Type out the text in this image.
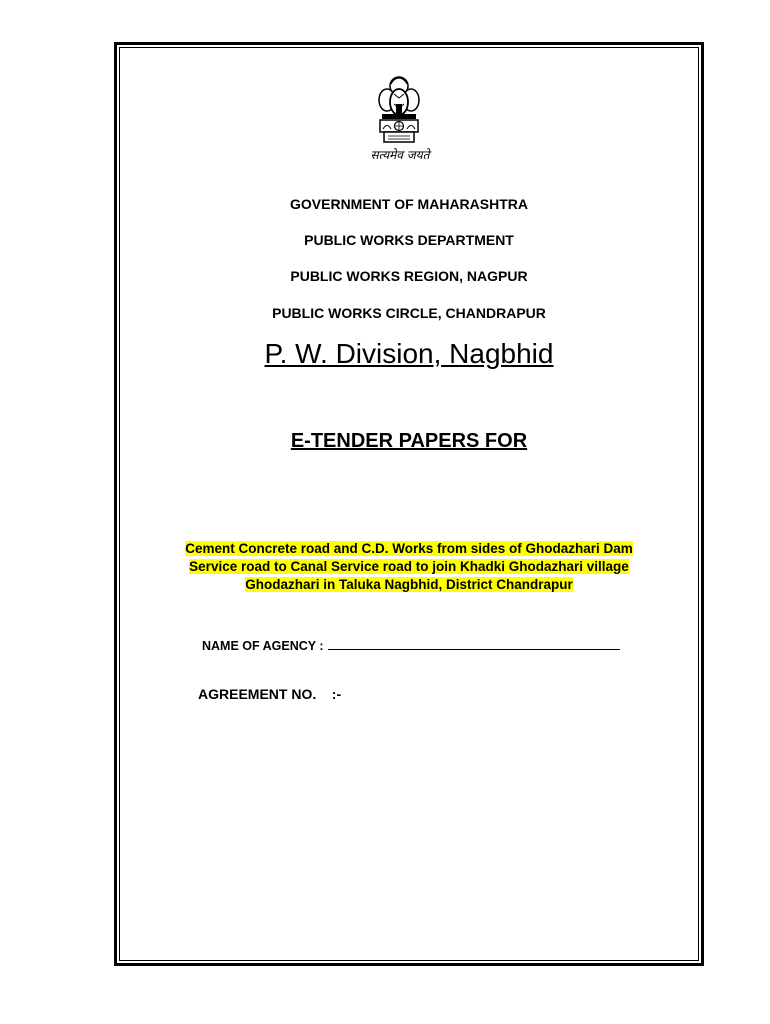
सत्यमेव जयते
GOVERNMENT OF MAHARASHTRA
PUBLIC WORKS DEPARTMENT
PUBLIC WORKS REGION, NAGPUR
PUBLIC WORKS CIRCLE, CHANDRAPUR
P. W. Division, Nagbhid
E-TENDER PAPERS FOR
Cement Concrete road and C.D. Works from sides of Ghodazhari Dam
Service road to Canal Service road to join Khadki Ghodazhari village
Ghodazhari in Taluka Nagbhid, District Chandrapur
NAME OF AGENCY :
AGREEMENT NO. :-
